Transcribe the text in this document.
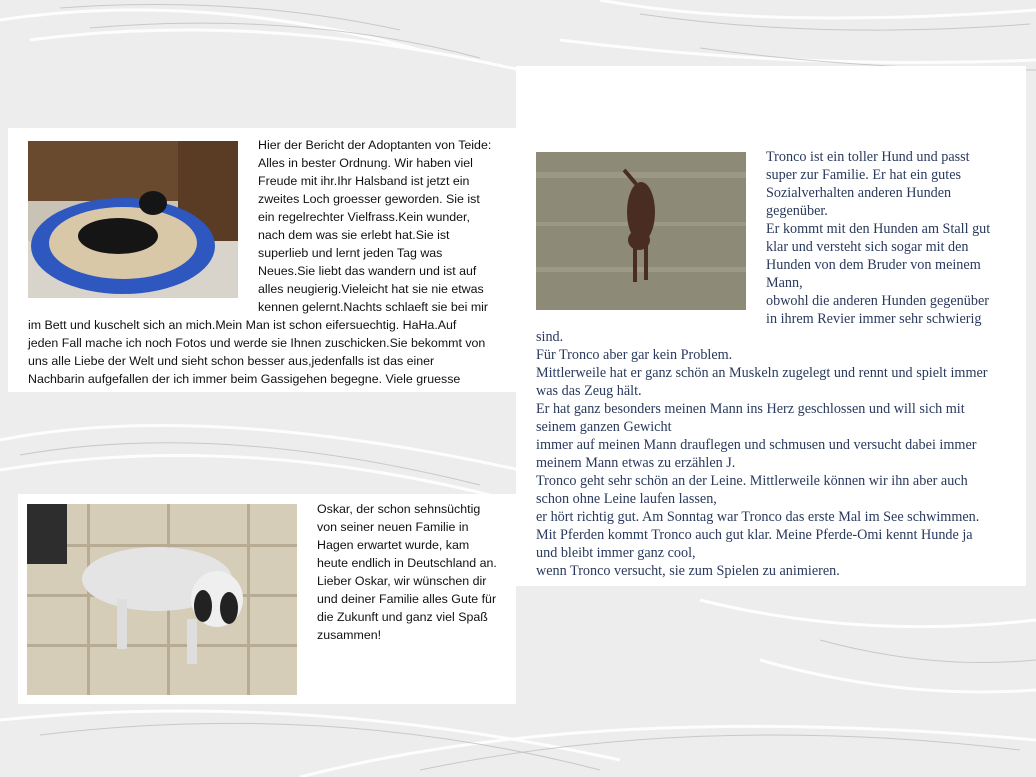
Hier der Bericht der Adoptanten von Teide:
Alles in bester Ordnung. Wir haben viel
Freude mit ihr.Ihr Halsband ist jetzt ein
zweites Loch groesser geworden. Sie ist
ein regelrechter Vielfrass.Kein wunder,
nach dem was sie erlebt hat.Sie ist
superlieb und lernt jeden Tag was
Neues.Sie liebt das wandern und ist auf
alles neugierig.Vieleicht hat sie nie etwas
kennen gelernt.Nachts schlaeft sie bei mir
im Bett und kuschelt sich an mich.Mein Man ist schon eifersuechtig. HaHa.Auf
jeden Fall mache ich noch Fotos und werde sie Ihnen zuschicken.Sie bekommt von
uns alle Liebe der Welt und sieht schon besser aus,jedenfalls ist das einer
Nachbarin aufgefallen der ich immer beim Gassigehen begegne. Viele gruesse
Oskar, der schon sehnsüchtig
von seiner neuen Familie in
Hagen erwartet wurde, kam
heute endlich in Deutschland an.
Lieber Oskar, wir wünschen dir
und deiner Familie alles Gute für
die Zukunft und ganz viel Spaß
zusammen!
Tronco ist ein toller Hund und passt
super zur Familie. Er hat ein gutes
Sozialverhalten anderen Hunden
gegenüber.
Er kommt mit den Hunden am Stall gut
klar und versteht sich sogar mit den
Hunden von dem Bruder von meinem
Mann,
obwohl die anderen Hunden gegenüber
in ihrem Revier immer sehr schwierig
sind.
Für Tronco aber gar kein Problem.
Mittlerweile hat er ganz schön an Muskeln zugelegt und rennt und spielt immer
was das Zeug hält.
Er hat ganz besonders meinen Mann ins Herz geschlossen und will sich mit
seinem ganzen Gewicht
immer auf meinen Mann drauflegen und schmusen und versucht dabei immer
meinem Mann etwas zu erzählen J.
Tronco geht sehr schön an der Leine. Mittlerweile können wir ihn aber auch
schon ohne Leine laufen lassen,
er hört richtig gut. Am Sonntag war Tronco das erste Mal im See schwimmen.
Mit Pferden kommt Tronco auch gut klar. Meine Pferde-Omi kennt Hunde ja
und bleibt immer ganz cool,
wenn Tronco versucht, sie zum Spielen zu animieren.
